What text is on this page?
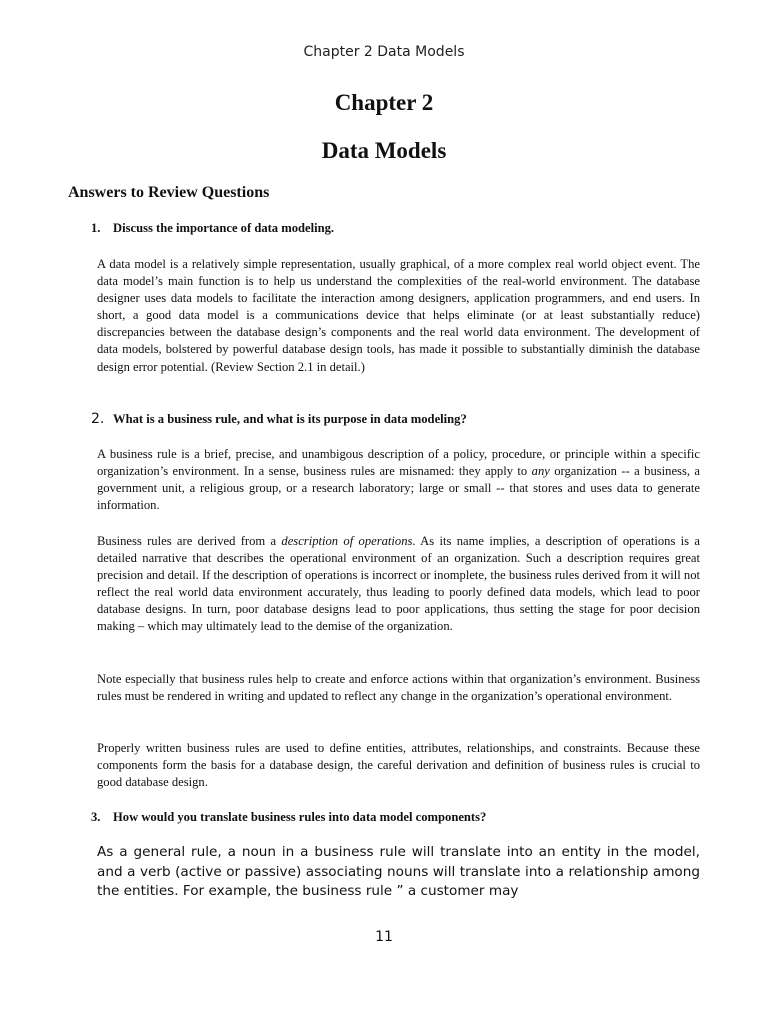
Chapter 2 Data Models
Chapter 2
Data Models
Answers to Review Questions
1. Discuss the importance of data modeling.

A data model is a relatively simple representation, usually graphical, of a more complex real world object event. The data model’s main function is to help us understand the complexities of the real-world environment. The database designer uses data models to facilitate the interaction among designers, application programmers, and end users. In short, a good data model is a communications device that helps eliminate (or at least substantially reduce) discrepancies between the database design’s components and the real world data environment. The development of data models, bolstered by powerful database design tools, has made it possible to substantially diminish the database design error potential. (Review Section 2.1 in detail.)

2. What is a business rule, and what is its purpose in data modeling?

A business rule is a brief, precise, and unambigous description of a policy, procedure, or principle within a specific organization’s environment. In a sense, business rules are misnamed: they apply to any organization -- a business, a government unit, a religious group, or a research laboratory; large or small -- that stores and uses data to generate information.

Business rules are derived from a description of operations. As its name implies, a description of operations is a detailed narrative that describes the operational environment of an organization. Such a description requires great precision and detail. If the description of operations is incorrect or inomplete, the business rules derived from it will not reflect the real world data environment accurately, thus leading to poorly defined data models, which lead to poor database designs. In turn, poor database designs lead to poor applications, thus setting the stage for poor decision making – which may ultimately lead to the demise of the organization.

Note especially that business rules help to create and enforce actions within that organization’s environment. Business rules must be rendered in writing and updated to reflect any change in the organization’s operational environment.

Properly written business rules are used to define entities, attributes, relationships, and constraints. Because these components form the basis for a database design, the careful derivation and definition of business rules is crucial to good database design.

3. How would you translate business rules into data model components?

As a general rule, a noun in a business rule will translate into an entity in the model, and a verb (active or passive) associating nouns will translate into a relationship among the entities. For example, the business rule ” a customer may

11
